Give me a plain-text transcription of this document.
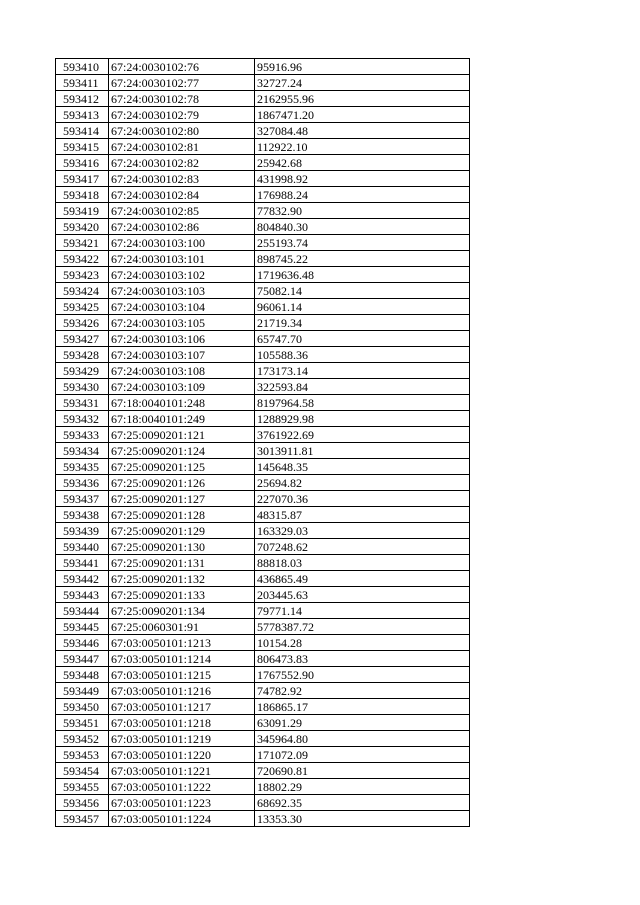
593410	67:24:0030102:76	95916.96
593411	67:24:0030102:77	32727.24
593412	67:24:0030102:78	2162955.96
593413	67:24:0030102:79	1867471.20
593414	67:24:0030102:80	327084.48
593415	67:24:0030102:81	112922.10
593416	67:24:0030102:82	25942.68
593417	67:24:0030102:83	431998.92
593418	67:24:0030102:84	176988.24
593419	67:24:0030102:85	77832.90
593420	67:24:0030102:86	804840.30
593421	67:24:0030103:100	255193.74
593422	67:24:0030103:101	898745.22
593423	67:24:0030103:102	1719636.48
593424	67:24:0030103:103	75082.14
593425	67:24:0030103:104	96061.14
593426	67:24:0030103:105	21719.34
593427	67:24:0030103:106	65747.70
593428	67:24:0030103:107	105588.36
593429	67:24:0030103:108	173173.14
593430	67:24:0030103:109	322593.84
593431	67:18:0040101:248	8197964.58
593432	67:18:0040101:249	1288929.98
593433	67:25:0090201:121	3761922.69
593434	67:25:0090201:124	3013911.81
593435	67:25:0090201:125	145648.35
593436	67:25:0090201:126	25694.82
593437	67:25:0090201:127	227070.36
593438	67:25:0090201:128	48315.87
593439	67:25:0090201:129	163329.03
593440	67:25:0090201:130	707248.62
593441	67:25:0090201:131	88818.03
593442	67:25:0090201:132	436865.49
593443	67:25:0090201:133	203445.63
593444	67:25:0090201:134	79771.14
593445	67:25:0060301:91	5778387.72
593446	67:03:0050101:1213	10154.28
593447	67:03:0050101:1214	806473.83
593448	67:03:0050101:1215	1767552.90
593449	67:03:0050101:1216	74782.92
593450	67:03:0050101:1217	186865.17
593451	67:03:0050101:1218	63091.29
593452	67:03:0050101:1219	345964.80
593453	67:03:0050101:1220	171072.09
593454	67:03:0050101:1221	720690.81
593455	67:03:0050101:1222	18802.29
593456	67:03:0050101:1223	68692.35
593457	67:03:0050101:1224	13353.30
